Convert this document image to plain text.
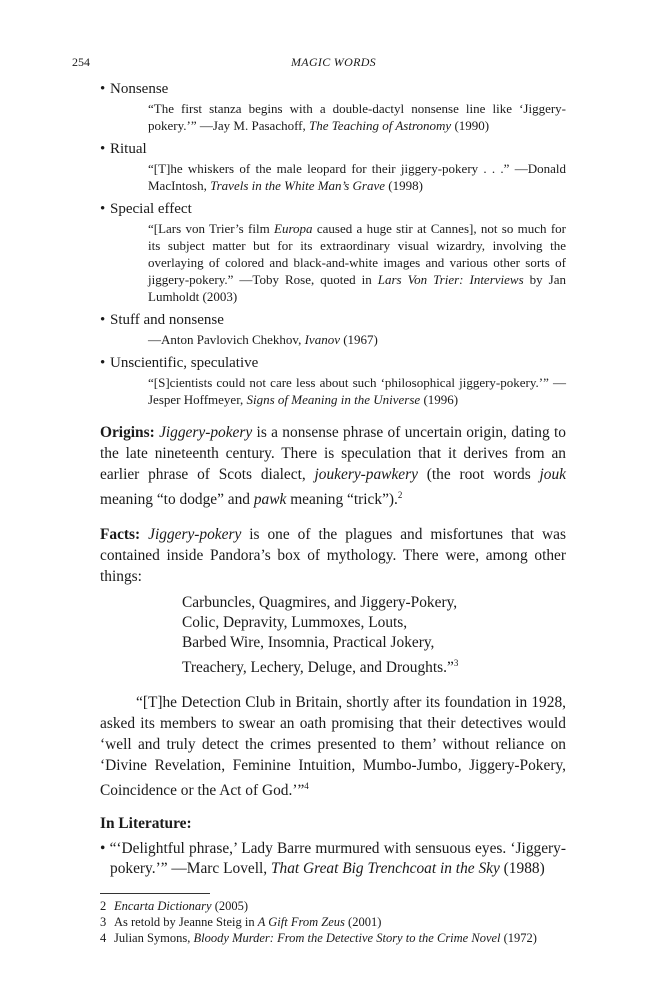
254	MAGIC WORDS

• Nonsense

“The first stanza begins with a double-dactyl nonsense line like ‘Jiggery-pokery.’” —Jay M. Pasachoff, The Teaching of Astronomy (1990)

• Ritual

“[T]he whiskers of the male leopard for their jiggery-pokery . . .” —Donald MacIntosh, Travels in the White Man’s Grave (1998)

• Special effect

“[Lars von Trier’s film Europa caused a huge stir at Cannes], not so much for its subject matter but for its extraordinary visual wizardry, involving the overlaying of colored and black-and-white images and various other sorts of jiggery-pokery.” —Toby Rose, quoted in Lars Von Trier: Interviews by Jan Lumholdt (2003)

• Stuff and nonsense

—Anton Pavlovich Chekhov, Ivanov (1967)

• Unscientific, speculative

“[S]cientists could not care less about such ‘philosophical jiggery-pokery.’” —Jesper Hoffmeyer, Signs of Meaning in the Universe (1996)

Origins: Jiggery-pokery is a nonsense phrase of uncertain origin, dating to the late nineteenth century. There is speculation that it derives from an earlier phrase of Scots dialect, joukery-pawkery (the root words jouk meaning “to dodge” and pawk meaning “trick”).$^2$

Facts: Jiggery-pokery is one of the plagues and misfortunes that was contained inside Pandora’s box of mythology. There were, among other things:

Carbuncles, Quagmires, and Jiggery-Pokery,
Colic, Depravity, Lummoxes, Louts,
Barbed Wire, Insomnia, Practical Jokery,
Treachery, Lechery, Deluge, and Droughts.”$^3$

“[T]he Detection Club in Britain, shortly after its foundation in 1928, asked its members to swear an oath promising that their detectives would ‘well and truly detect the crimes presented to them’ without reliance on ‘Divine Revelation, Feminine Intuition, Mumbo-Jumbo, Jiggery-Pokery, Coincidence or the Act of God.’”$^4$

In Literature:

• “‘Delightful phrase,’ Lady Barre murmured with sensuous eyes. ‘Jiggery-pokery.’” —Marc Lovell, That Great Big Trenchcoat in the Sky (1988)

2 Encarta Dictionary (2005)
3 As retold by Jeanne Steig in A Gift From Zeus (2001)
4 Julian Symons, Bloody Murder: From the Detective Story to the Crime Novel (1972)
